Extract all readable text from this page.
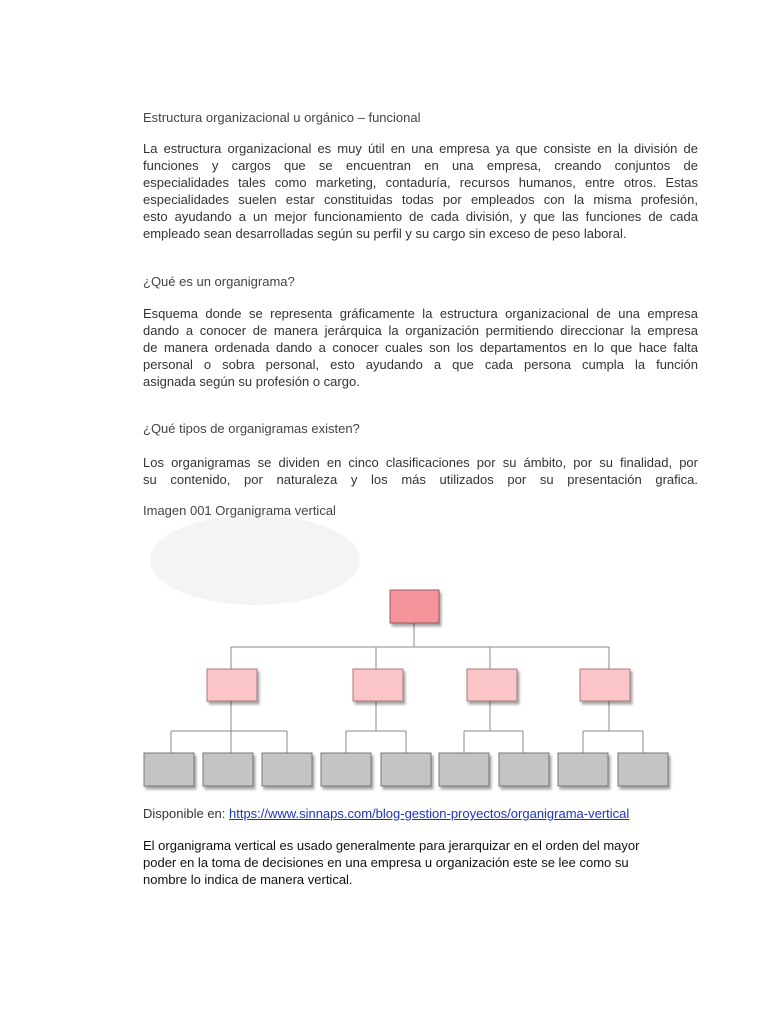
Estructura organizacional u orgánico – funcional
La estructura organizacional es muy útil en una empresa ya que consiste en la división de
funciones y cargos que se encuentran en una empresa, creando conjuntos de
especialidades tales como marketing, contaduría, recursos humanos, entre otros. Estas
especialidades suelen estar constituidas todas por empleados con la misma profesión,
esto ayudando a un mejor funcionamiento de cada división, y que las funciones de cada
empleado sean desarrolladas según su perfil y su cargo sin exceso de peso laboral.
¿Qué es un organigrama?
Esquema donde se representa gráficamente la estructura organizacional de una empresa
dando a conocer de manera jerárquica la organización permitiendo direccionar la empresa
de manera ordenada dando a conocer cuales son los departamentos en lo que hace falta
personal o sobra personal, esto ayudando a que cada persona cumpla la función
asignada según su profesión o cargo.
¿Qué tipos de organigramas existen?
Los organigramas se dividen en cinco clasificaciones por su ámbito, por su finalidad, por
su contenido, por naturaleza y los más utilizados por su presentación grafica.
Imagen 001 Organigrama vertical
Disponible en: https://www.sinnaps.com/blog-gestion-proyectos/organigrama-vertical
El organigrama vertical es usado generalmente para jerarquizar en el orden del mayor
poder en la toma de decisiones en una empresa u organización este se lee como su
nombre lo indica de manera vertical.
